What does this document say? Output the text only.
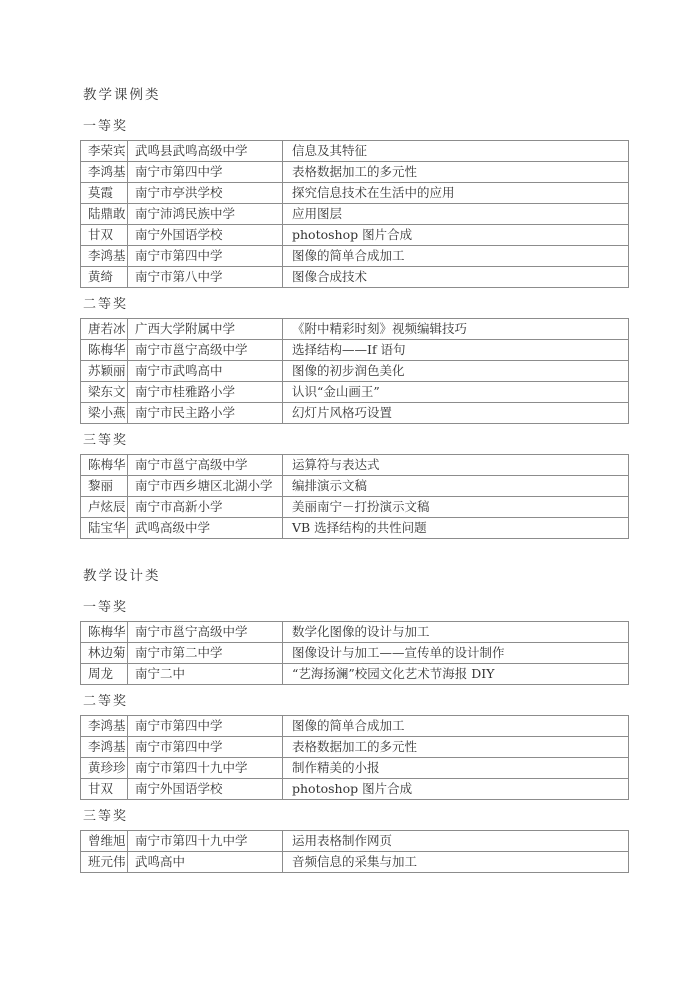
教学课例类
一等奖
李荣宾	武鸣县武鸣高级中学	信息及其特征
李鸿基	南宁市第四中学	表格数据加工的多元性
莫霞	南宁市亭洪学校	探究信息技术在生活中的应用
陆鼎敢	南宁沛鸿民族中学	应用图层
甘双	南宁外国语学校	photoshop 图片合成
李鸿基	南宁市第四中学	图像的简单合成加工
黄绮	南宁市第八中学	图像合成技术
二等奖
唐若冰	广西大学附属中学	《附中精彩时刻》视频编辑技巧
陈梅华	南宁市邕宁高级中学	选择结构——If 语句
苏颖丽	南宁市武鸣高中	图像的初步润色美化
梁东文	南宁市桂雅路小学	认识“金山画王”
梁小燕	南宁市民主路小学	幻灯片风格巧设置
三等奖
陈梅华	南宁市邕宁高级中学	运算符与表达式
黎丽	南宁市西乡塘区北湖小学	编排演示文稿
卢炫辰	南宁市高新小学	美丽南宁－打扮演示文稿
陆宝华	武鸣高级中学	VB 选择结构的共性问题
教学设计类
一等奖
陈梅华	南宁市邕宁高级中学	数学化图像的设计与加工
林边菊	南宁市第二中学	图像设计与加工——宣传单的设计制作
周龙	南宁二中	“艺海扬澜”校园文化艺术节海报 DIY
二等奖
李鸿基	南宁市第四中学	图像的简单合成加工
李鸿基	南宁市第四中学	表格数据加工的多元性
黄珍珍	南宁市第四十九中学	制作精美的小报
甘双	南宁外国语学校	photoshop 图片合成
三等奖
曾维旭	南宁市第四十九中学	运用表格制作网页
班元伟	武鸣高中	音频信息的采集与加工
